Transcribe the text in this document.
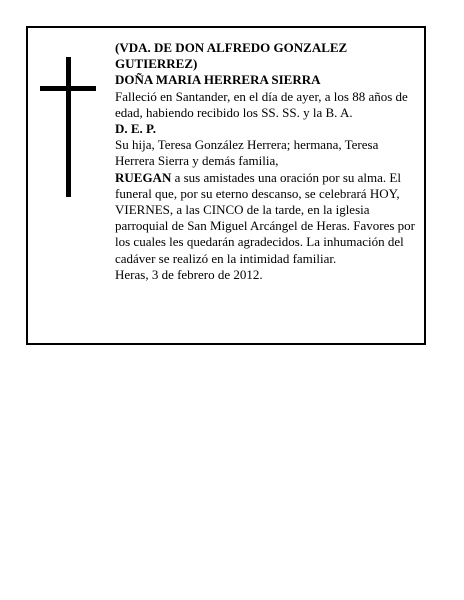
(VDA. DE DON ALFREDO GONZALEZ GUTIERREZ)

DOÑA MARIA HERRERA SIERRA

Falleció en Santander, en el día de ayer, a los 88 años de edad, habiendo recibido los SS. SS. y la B. A.

D. E. P.

Su hija, Teresa González Herrera; hermana, Teresa Herrera Sierra y demás familia,

RUEGAN a sus amistades una oración por su alma. El funeral que, por su eterno descanso, se celebrará HOY, VIERNES, a las CINCO de la tarde, en la iglesia parroquial de San Miguel Arcángel de Heras. Favores por los cuales les quedarán agradecidos. La inhumación del cadáver se realizó en la intimidad familiar.

Heras, 3 de febrero de 2012.
